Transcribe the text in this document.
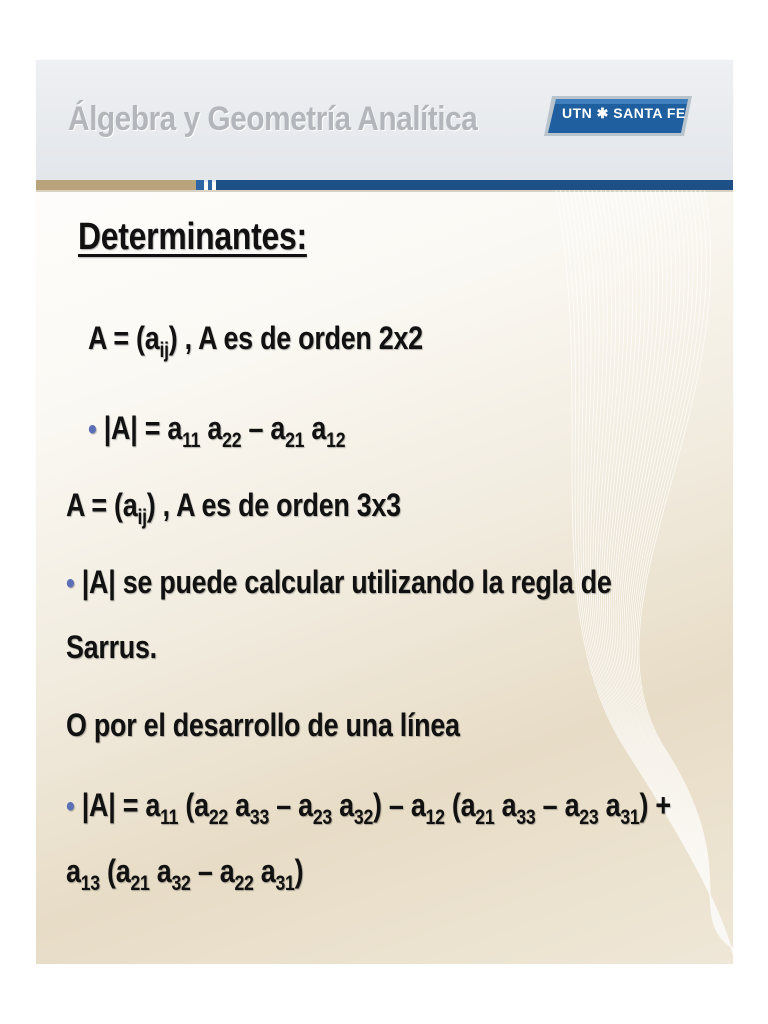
Álgebra y Geometría Analítica	UTN ✱ SANTA FE
Determinantes:
$A = (a_{ij})$ , A es de orden 2x2
• $|A| = a_{11}$ $a_{22} - a_{21}$ $a_{12}$
$A = (a_{ij})$ , A es de orden 3x3
• |A| se puede calcular utilizando la regla de
Sarrus.
O por el desarrollo de una línea
• $|A| = a_{11}$ ($a_{22}$ $a_{33} - a_{23}$ $a_{32}) - a_{12}$ ($a_{21}$ $a_{33} - a_{23}$ $a_{31}$) +
$a_{13}$ ($a_{21}$ $a_{32} - a_{22}$ $a_{31}$)
